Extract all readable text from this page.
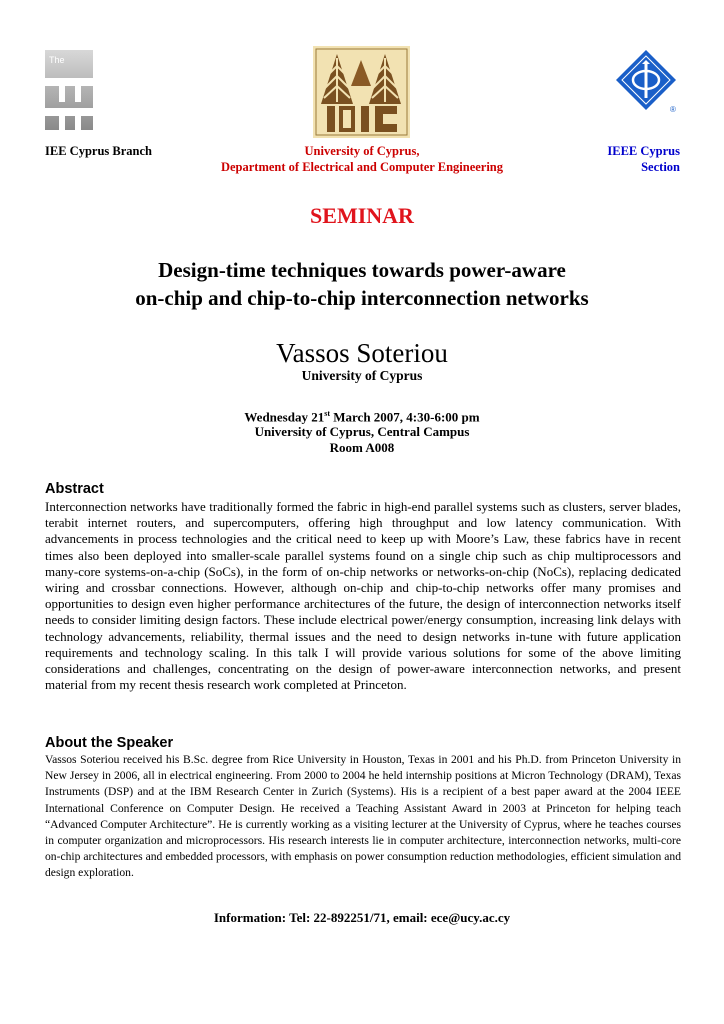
The
®
IEE Cyprus Branch	University of Cyprus,
Department of Electrical and Computer Engineering
IEEE Cyprus
Section
SEMINAR
Design-time techniques towards power-aware
on-chip and chip-to-chip interconnection networks
Vassos Soteriou
University of Cyprus
Wednesday 21st March 2007, 4:30-6:00 pm
University of Cyprus, Central Campus
Room A008
Abstract
Interconnection networks have traditionally formed the fabric in high-end parallel systems such as clusters, server blades, terabit internet routers, and supercomputers, offering high throughput and low latency communication. With advancements in process technologies and the critical need to keep up with Moore’s Law, these fabrics have in recent times also been deployed into smaller-scale parallel systems found on a single chip such as chip multiprocessors and many-core systems-on-a-chip (SoCs), in the form of on-chip networks or networks-on-chip (NoCs), replacing dedicated wiring and crossbar connections. However, although on-chip and chip-to-chip networks offer many promises and opportunities to design even higher performance architectures of the future, the design of interconnection networks itself needs to consider limiting design factors. These include electrical power/energy consumption, increasing link delays with technology advancements, reliability, thermal issues and the need to design networks in-tune with future application requirements and technology scaling. In this talk I will provide various solutions for some of the above limiting considerations and challenges, concentrating on the design of power-aware interconnection networks, and present material from my recent thesis research work completed at Princeton.
About the Speaker
Vassos Soteriou received his B.Sc. degree from Rice University in Houston, Texas in 2001 and his Ph.D. from Princeton University in New Jersey in 2006, all in electrical engineering. From 2000 to 2004 he held internship positions at Micron Technology (DRAM), Texas Instruments (DSP) and at the IBM Research Center in Zurich (Systems). His is a recipient of a best paper award at the 2004 IEEE International Conference on Computer Design. He received a Teaching Assistant Award in 2003 at Princeton for helping teach “Advanced Computer Architecture”. He is currently working as a visiting lecturer at the University of Cyprus, where he teaches courses in computer organization and microprocessors. His research interests lie in computer architecture, interconnection networks, multi-core on-chip architectures and embedded processors, with emphasis on power consumption reduction methodologies, efficient simulation and design exploration.
Information: Tel: 22-892251/71, email: ece@ucy.ac.cy
